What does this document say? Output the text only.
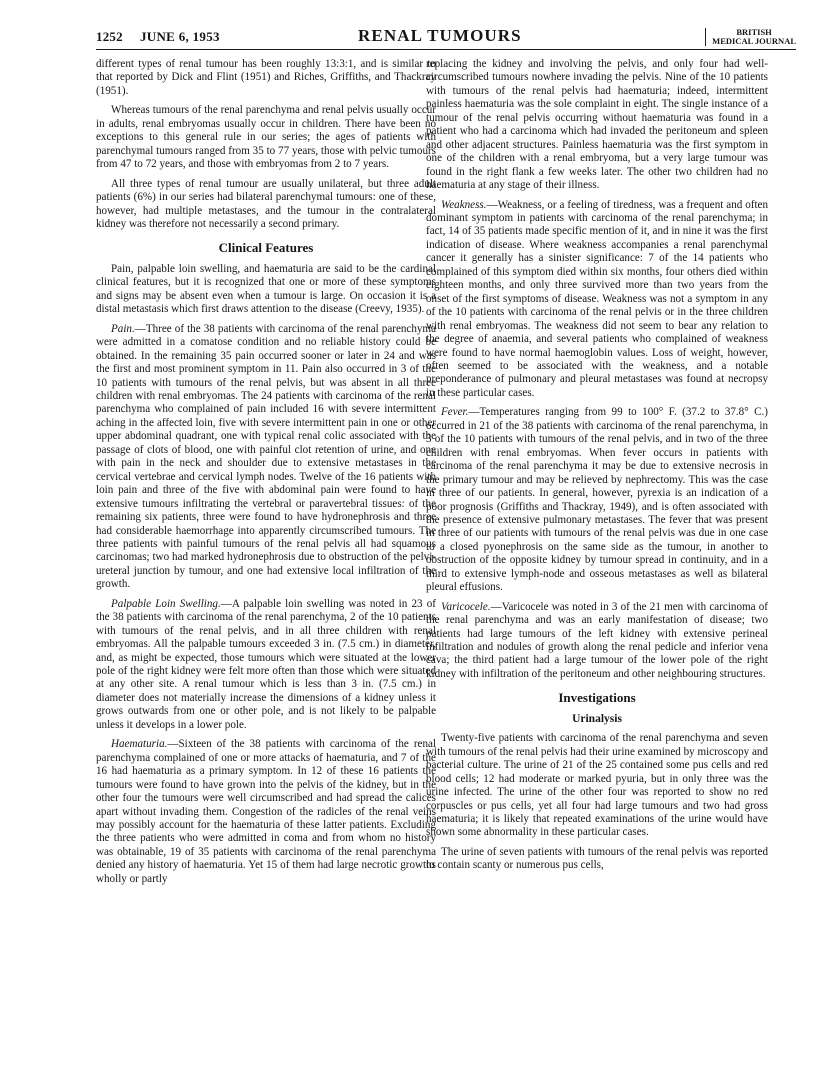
1252 JUNE 6, 1953	RENAL TUMOURS	BRITISH
MEDICAL JOURNAL

different types of renal tumour has been roughly 13:3:1, and is similar to that reported by Dick and Flint (1951) and Riches, Griffiths, and Thackray (1951).

Whereas tumours of the renal parenchyma and renal pelvis usually occur in adults, renal embryomas usually occur in children. There have been no exceptions to this general rule in our series; the ages of patients with parenchymal tumours ranged from 35 to 77 years, those with pelvic tumours from 47 to 72 years, and those with embryomas from 2 to 7 years.

All three types of renal tumour are usually unilateral, but three adult patients (6%) in our series had bilateral parenchymal tumours: one of these, however, had multiple metastases, and the tumour in the contralateral kidney was therefore not necessarily a second primary.

Clinical Features

Pain, palpable loin swelling, and haematuria are said to be the cardinal clinical features, but it is recognized that one or more of these symptoms and signs may be absent even when a tumour is large. On occasion it is a distal metastasis which first draws attention to the disease (Creevy, 1935).

Pain.—Three of the 38 patients with carcinoma of the renal parenchyma were admitted in a comatose condition and no reliable history could be obtained. In the remaining 35 pain occurred sooner or later in 24 and was the first and most prominent symptom in 11. Pain also occurred in 3 of the 10 patients with tumours of the renal pelvis, but was absent in all three children with renal embryomas. The 24 patients with carcinoma of the renal parenchyma who complained of pain included 16 with severe intermittent aching in the affected loin, five with severe intermittent pain in one or other upper abdominal quadrant, one with typical renal colic associated with the passage of clots of blood, one with painful clot retention of urine, and one with pain in the neck and shoulder due to extensive metastases in the cervical vertebrae and cervical lymph nodes. Twelve of the 16 patients with loin pain and three of the five with abdominal pain were found to have extensive tumours infiltrating the vertebral or paravertebral tissues: of the remaining six patients, three were found to have hydronephrosis and three had considerable haemorrhage into apparently circumscribed tumours. The three patients with painful tumours of the renal pelvis all had squamous carcinomas; two had marked hydronephrosis due to obstruction of the pelvi-ureteral junction by tumour, and one had extensive local infiltration of the growth.

Palpable Loin Swelling.—A palpable loin swelling was noted in 23 of the 38 patients with carcinoma of the renal parenchyma, 2 of the 10 patients with tumours of the renal pelvis, and in all three children with renal embryomas. All the palpable tumours exceeded 3 in. (7.5 cm.) in diameter, and, as might be expected, those tumours which were situated at the lower pole of the right kidney were felt more often than those which were situated at any other site. A renal tumour which is less than 3 in. (7.5 cm.) in diameter does not materially increase the dimensions of a kidney unless it grows outwards from one or other pole, and is not likely to be palpable unless it develops in a lower pole.

Haematuria.—Sixteen of the 38 patients with carcinoma of the renal parenchyma complained of one or more attacks of haematuria, and 7 of the 16 had haematuria as a primary symptom. In 12 of these 16 patients the tumours were found to have grown into the pelvis of the kidney, but in the other four the tumours were well circumscribed and had spread the calices apart without invading them. Congestion of the radicles of the renal veins may possibly account for the haematuria of these latter patients. Excluding the three patients who were admitted in coma and from whom no history was obtainable, 19 of 35 patients with carcinoma of the renal parenchyma denied any history of haematuria. Yet 15 of them had large necrotic growths wholly or partly

replacing the kidney and involving the pelvis, and only four had well-circumscribed tumours nowhere invading the pelvis. Nine of the 10 patients with tumours of the renal pelvis had haematuria; indeed, intermittent painless haematuria was the sole complaint in eight. The single instance of a tumour of the renal pelvis occurring without haematuria was found in a patient who had a carcinoma which had invaded the peritoneum and spleen and other adjacent structures. Painless haematuria was the first symptom in one of the children with a renal embryoma, but a very large tumour was found in the right flank a few weeks later. The other two children had no haematuria at any stage of their illness.

Weakness.—Weakness, or a feeling of tiredness, was a frequent and often dominant symptom in patients with carcinoma of the renal parenchyma; in fact, 14 of 35 patients made specific mention of it, and in nine it was the first indication of disease. Where weakness accompanies a renal parenchymal cancer it generally has a sinister significance: 7 of the 14 patients who complained of this symptom died within six months, four others died within eighteen months, and only three survived more than two years from the onset of the first symptoms of disease. Weakness was not a symptom in any of the 10 patients with carcinoma of the renal pelvis or in the three children with renal embryomas. The weakness did not seem to bear any relation to the degree of anaemia, and several patients who complained of weakness were found to have normal haemoglobin values. Loss of weight, however, often seemed to be associated with the weakness, and a notable preponderance of pulmonary and pleural metastases was found at necropsy in these particular cases.

Fever.—Temperatures ranging from 99 to 100° F. (37.2 to 37.8° C.) occurred in 21 of the 38 patients with carcinoma of the renal parenchyma, in 3 of the 10 patients with tumours of the renal pelvis, and in two of the three children with renal embryomas. When fever occurs in patients with carcinoma of the renal parenchyma it may be due to extensive necrosis in the primary tumour and may be relieved by nephrectomy. This was the case in three of our patients. In general, however, pyrexia is an indication of a poor prognosis (Griffiths and Thackray, 1949), and is often associated with the presence of extensive pulmonary metastases. The fever that was present in three of our patients with tumours of the renal pelvis was due in one case to a closed pyonephrosis on the same side as the tumour, in another to obstruction of the opposite kidney by tumour spread in continuity, and in a third to extensive lymph-node and osseous metastases as well as bilateral pleural effusions.

Varicocele.—Varicocele was noted in 3 of the 21 men with carcinoma of the renal parenchyma and was an early manifestation of disease; two patients had large tumours of the left kidney with extensive perineal infiltration and nodules of growth along the renal pedicle and inferior vena cava; the third patient had a large tumour of the lower pole of the right kidney with infiltration of the peritoneum and other neighbouring structures.

Investigations
Urinalysis

Twenty-five patients with carcinoma of the renal parenchyma and seven with tumours of the renal pelvis had their urine examined by microscopy and bacterial culture. The urine of 21 of the 25 contained some pus cells and red blood cells; 12 had moderate or marked pyuria, but in only three was the urine infected. The urine of the other four was reported to show no red corpuscles or pus cells, yet all four had large tumours and two had gross haematuria; it is likely that repeated examinations of the urine would have shown some abnormality in these particular cases.

The urine of seven patients with tumours of the renal pelvis was reported to contain scanty or numerous pus cells,
